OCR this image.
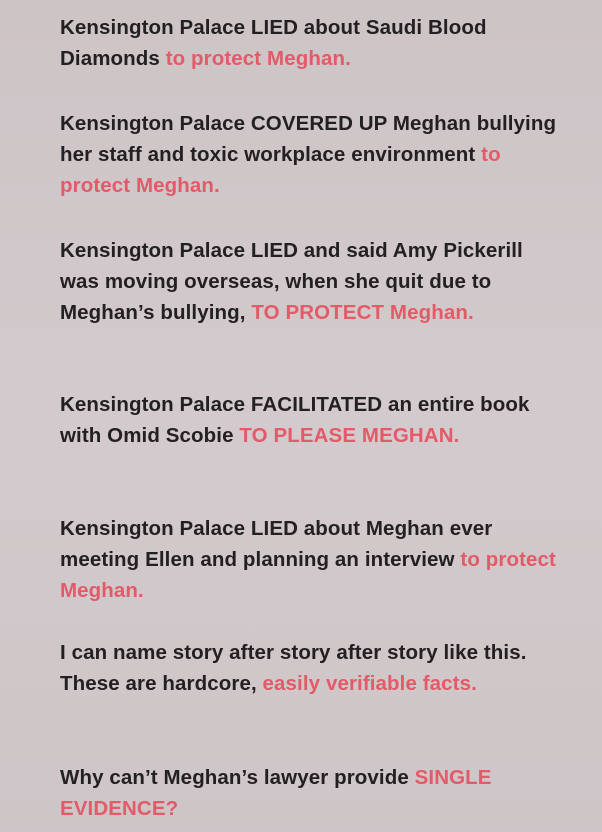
Kensington Palace LIED about Saudi Blood Diamonds to protect Meghan.

Kensington Palace COVERED UP Meghan bullying her staff and toxic workplace environment to protect Meghan.

Kensington Palace LIED and said Amy Pickerill was moving overseas, when she quit due to Meghan’s bullying, TO PROTECT Meghan.

Kensington Palace FACILITATED an entire book with Omid Scobie TO PLEASE MEGHAN.

Kensington Palace LIED about Meghan ever meeting Ellen and planning an interview to protect Meghan.

I can name story after story after story like this. These are hardcore, easily verifiable facts.

Why can’t Meghan’s lawyer provide SINGLE EVIDENCE?
